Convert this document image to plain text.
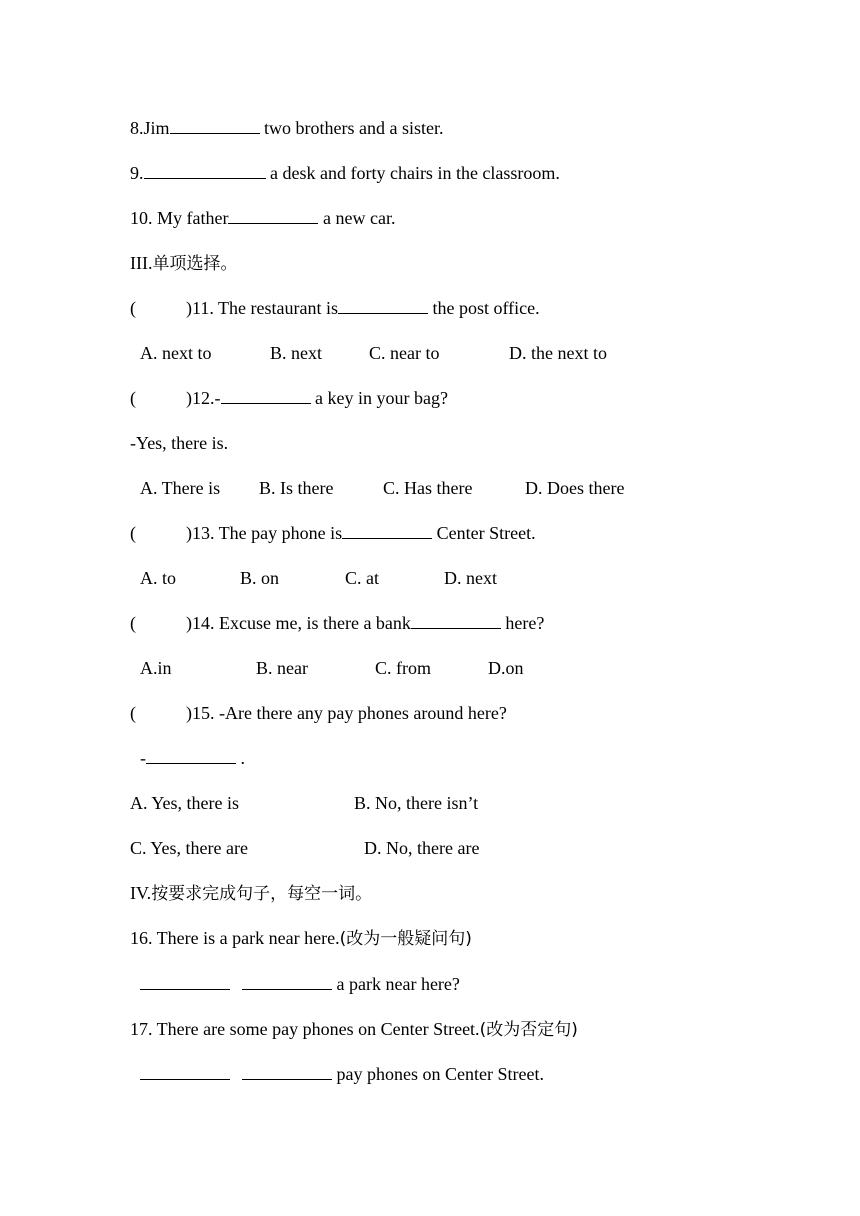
8.Jim	two brothers and a sister.
9.	a desk and forty chairs in the classroom.
10. My father	a new car.
III.单项选择。
(	)11. The restaurant is	the post office.
A. next to	B. next	C. near to	D. the next to
(	)12.-	a key in your bag?
-Yes, there is.
A. There is B. Is there	C. Has there	D. Does there
(	)13. The pay phone is	Center Street.
A. to	B. on	C. at	D. next
(	)14. Excuse me, is there a bank	here?
A.in	B. near	C. from	D.on
(	)15. -Are there any pay phones around here?
-	.
A. Yes, there is	B. No, there isn’t
C. Yes, there are	D. No, there are
IV.按要求完成句子，每空一词。
16. There is a park near here.(改为一般疑问句)
a park near here?
17. There are some pay phones on Center Street.(改为否定句)
pay phones on Center Street.
